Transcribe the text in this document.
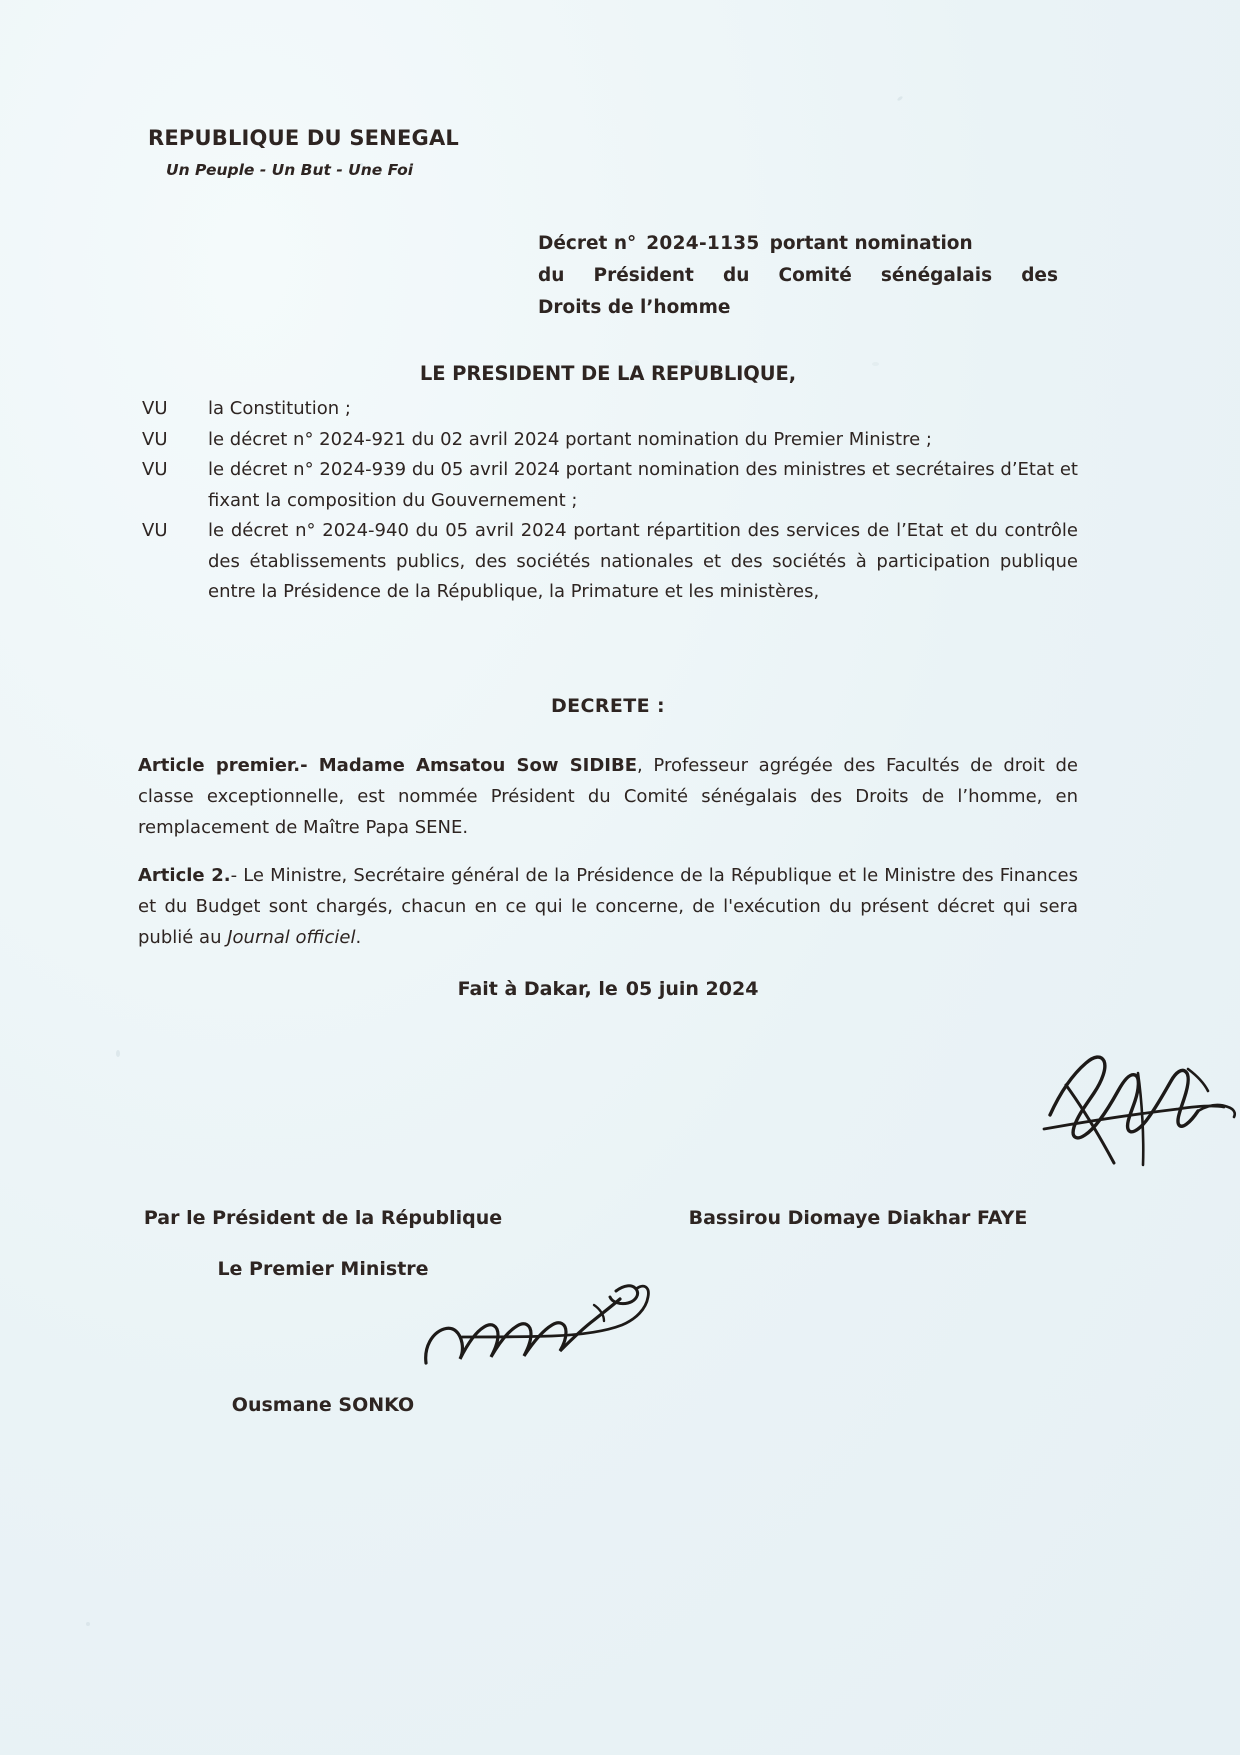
REPUBLIQUE DU SENEGAL
Un Peuple - Un But - Une Foi
Décret n° 2024-1135 portant nomination
du Président du Comité sénégalais des
Droits de l’homme
LE PRESIDENT DE LA REPUBLIQUE,
VU	la Constitution ;
VU	le décret n° 2024-921 du 02 avril 2024 portant nomination du Premier Ministre ;
VU	le décret n° 2024-939 du 05 avril 2024 portant nomination des ministres et secrétaires d’Etat et fixant la composition du Gouvernement ;
VU	le décret n° 2024-940 du 05 avril 2024 portant répartition des services de l’Etat et du contrôle des établissements publics, des sociétés nationales et des sociétés à participation publique entre la Présidence de la République, la Primature et les ministères,
DECRETE :
Article premier.- Madame Amsatou Sow SIDIBE, Professeur agrégée des Facultés de droit de classe exceptionnelle, est nommée Président du Comité sénégalais des Droits de l’homme, en remplacement de Maître Papa SENE.
Article 2.- Le Ministre, Secrétaire général de la Présidence de la République et le Ministre des Finances et du Budget sont chargés, chacun en ce qui le concerne, de l'exécution du présent décret qui sera publié au Journal officiel.
Fait à Dakar, le 05 juin 2024
Bassirou Diomaye Diakhar FAYE
Par le Président de la République
Le Premier Ministre
Ousmane SONKO
